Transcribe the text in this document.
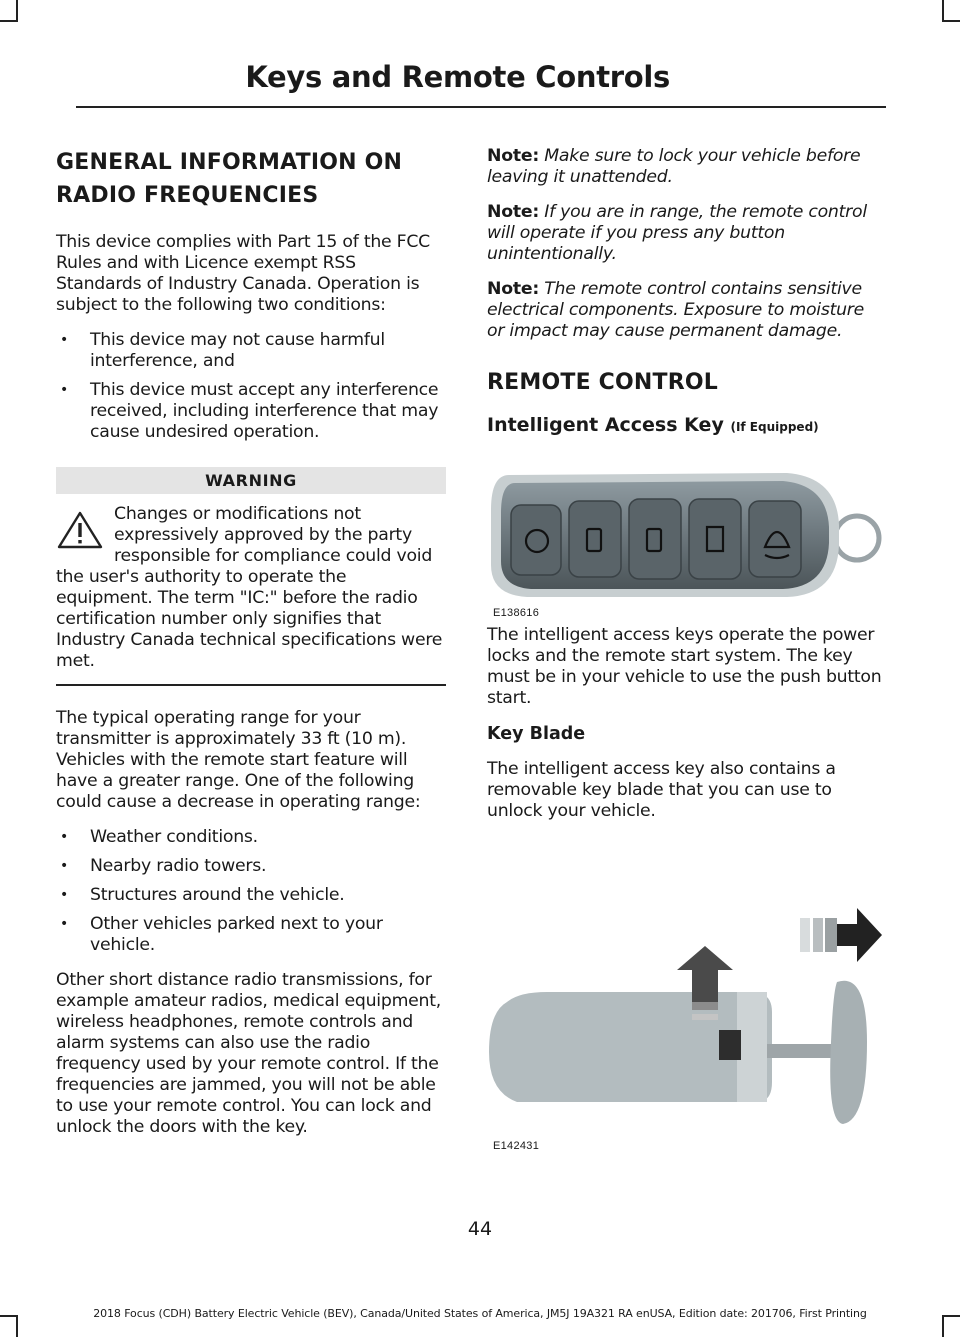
Keys and Remote Controls
GENERAL INFORMATION ON RADIO FREQUENCIES

This device complies with Part 15 of the FCC Rules and with Licence exempt RSS Standards of Industry Canada. Operation is subject to the following two conditions:

• This device may not cause harmful interference, and
• This device must accept any interference received, including interference that may cause undesired operation.
WARNING
Changes or modifications not expressively approved by the party responsible for compliance could void the user's authority to operate the equipment. The term "IC:" before the radio certification number only signifies that Industry Canada technical specifications were met.

The typical operating range for your transmitter is approximately 33 ft (10 m). Vehicles with the remote start feature will have a greater range. One of the following could cause a decrease in operating range:

• Weather conditions.
• Nearby radio towers.
• Structures around the vehicle.
• Other vehicles parked next to your vehicle.

Other short distance radio transmissions, for example amateur radios, medical equipment, wireless headphones, remote controls and alarm systems can also use the radio frequency used by your remote control. If the frequencies are jammed, you will not be able to use your remote control. You can lock and unlock the doors with the key.

Note: Make sure to lock your vehicle before leaving it unattended.

Note: If you are in range, the remote control will operate if you press any button unintentionally.

Note: The remote control contains sensitive electrical components. Exposure to moisture or impact may cause permanent damage.

REMOTE CONTROL
Intelligent Access Key (If Equipped)
E138616

The intelligent access keys operate the power locks and the remote start system. The key must be in your vehicle to use the push button start.

Key Blade

The intelligent access key also contains a removable key blade that you can use to unlock your vehicle.

E142431
44
2018 Focus (CDH) Battery Electric Vehicle (BEV), Canada/United States of America, JM5J 19A321 RA enUSA, Edition date: 201706, First Printing
